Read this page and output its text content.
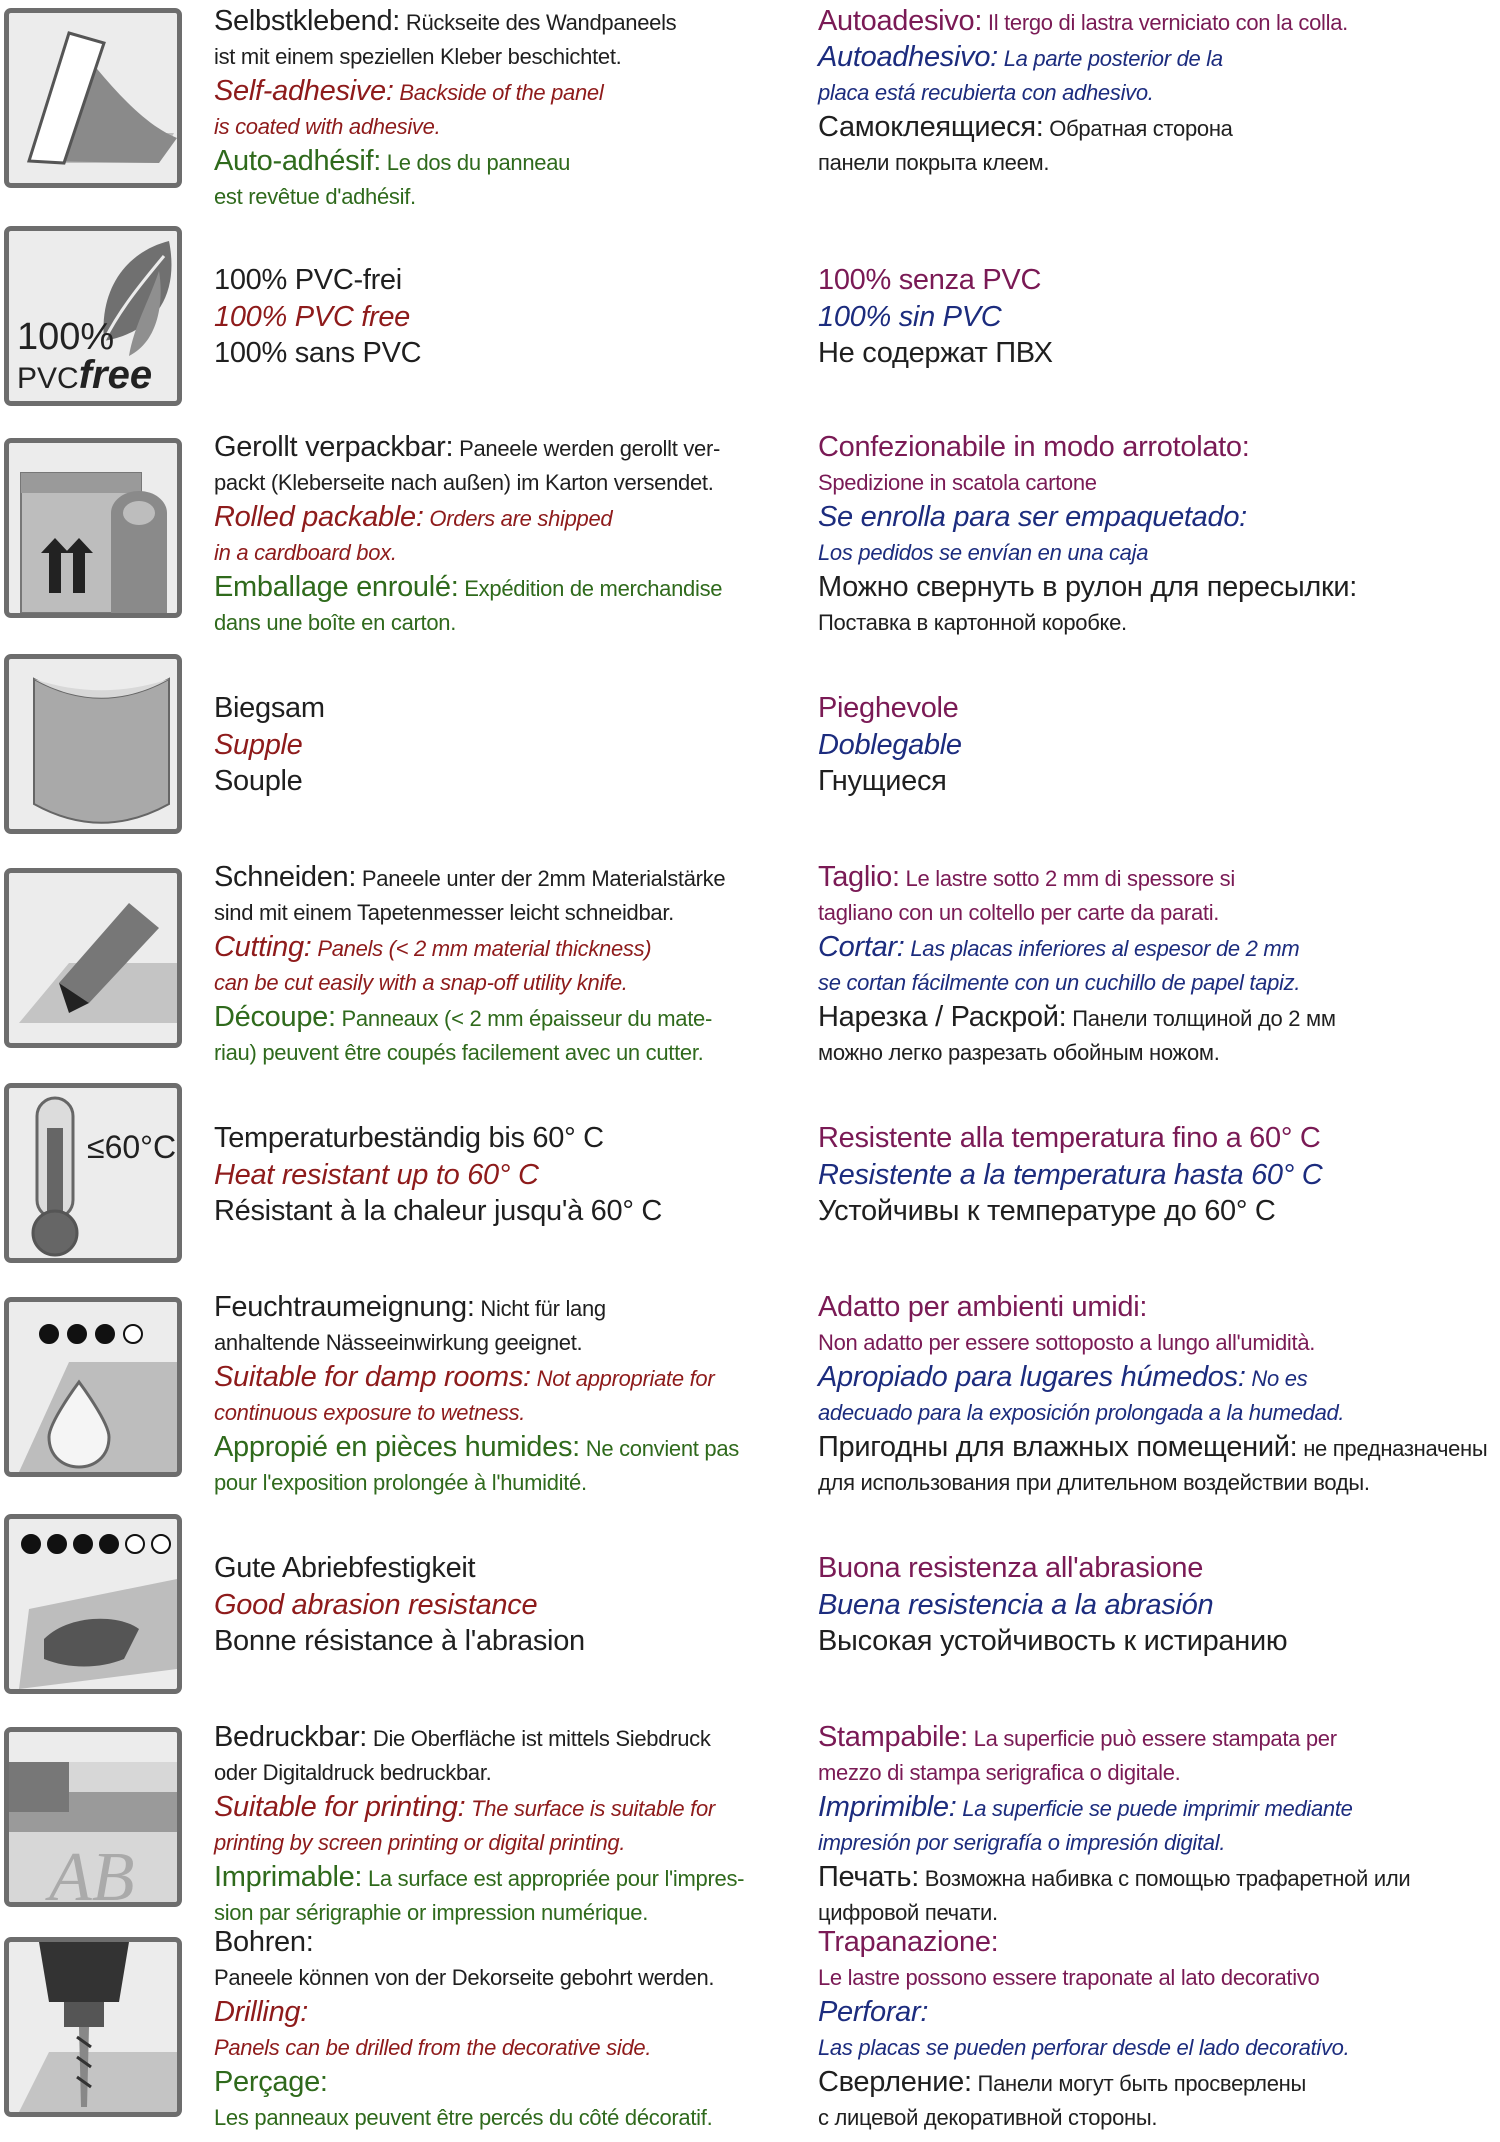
Selbstklebend: Rückseite des Wandpaneels

ist mit einem speziellen Kleber beschichtet.

Self-adhesive: Backside of the panel

is coated with adhesive.

Auto-adhésif: Le dos du panneau

est revêtue d'adhésif.

Autoadesivo: Il tergo di lastra verniciato con la colla.

Autoadhesivo: La parte posterior de la

placa está recubierta con adhesivo.

Самоклеящиеся: Обратная сторона

панели покрыта клеем.

100%
PVCfree

100% PVC-frei

100% PVC free

100% sans PVC

100% senza PVC

100% sin PVC

Не содержат ПВХ

Gerollt verpackbar: Paneele werden gerollt ver-

packt (Kleberseite nach außen) im Karton versendet.

Rolled packable: Orders are shipped

in a cardboard box.

Emballage enroulé: Expédition de merchandise

dans une boîte en carton.

Confezionabile in modo arrotolato:

Spedizione in scatola cartone

Se enrolla para ser empaquetado:

Los pedidos se envían en una caja

Можно свернуть в рулон для пересылки:

Поставка в картонной коробке.

Biegsam

Supple

Souple

Pieghevole

Doblegable

Гнущиеся

Schneiden: Paneele unter der 2mm Materialstärke

sind mit einem Tapetenmesser leicht schneidbar.

Cutting: Panels (< 2 mm material thickness)

can be cut easily with a snap-off utility knife.

Découpe: Panneaux (< 2 mm épaisseur du mate-

riau) peuvent être coupés facilement avec un cutter.

Taglio: Le lastre sotto 2 mm di spessore si

tagliano con un coltello per carte da parati.

Cortar: Las placas inferiores al espesor de 2 mm

se cortan fácilmente con un cuchillo de papel tapiz.

Нарезка / Раскрой: Панели толщиной до 2 мм

можно легко разрезать обойным ножом.

≤60°C Temperaturbeständig bis 60° C

Heat resistant up to 60° C

Résistant à la chaleur jusqu'à 60° C

Resistente alla temperatura fino a 60° C

Resistente a la temperatura hasta 60° C

Устойчивы к температуре до 60° C

Feuchtraumeignung: Nicht für lang

anhaltende Nässeeinwirkung geeignet.

Suitable for damp rooms: Not appropriate for

continuous exposure to wetness.

Appropié en pièces humides: Ne convient pas

pour l'exposition prolongée à l'humidité.

Adatto per ambienti umidi:

Non adatto per essere sottoposto a lungo all'umidità.

Apropiado para lugares húmedos: No es

adecuado para la exposición prolongada a la humedad.

Пригодны для влажных помещений: не предназначены

для использования при длительном воздействии воды.

Gute Abriebfestigkeit

Good abrasion resistance

Bonne résistance à l'abrasion

Buona resistenza all'abrasione

Buena resistencia a la abrasión

Высокая устойчивость к истиранию

AB

Bedruckbar: Die Oberfläche ist mittels Siebdruck

oder Digitaldruck bedruckbar.

Suitable for printing: The surface is suitable for

printing by screen printing or digital printing.

Imprimable: La surface est appropriée pour l'impres-

sion par sérigraphie or impression numérique.

Stampabile: La superficie può essere stampata per

mezzo di stampa serigrafica o digitale.

Imprimible: La superficie se puede imprimir mediante

impresión por serigrafía o impresión digital.

Печать: Возможна набивка с помощью трафаретной или

цифровой печати.

Bohren:

Paneele können von der Dekorseite gebohrt werden.

Drilling:

Panels can be drilled from the decorative side.

Perçage:

Les panneaux peuvent être percés du côté décoratif.

Trapanazione:

Le lastre possono essere traponate al lato decorativo

Perforar:

Las placas se pueden perforar desde el lado decorativo.

Сверление: Панели могут быть просверлены

с лицевой декоративной стороны.
